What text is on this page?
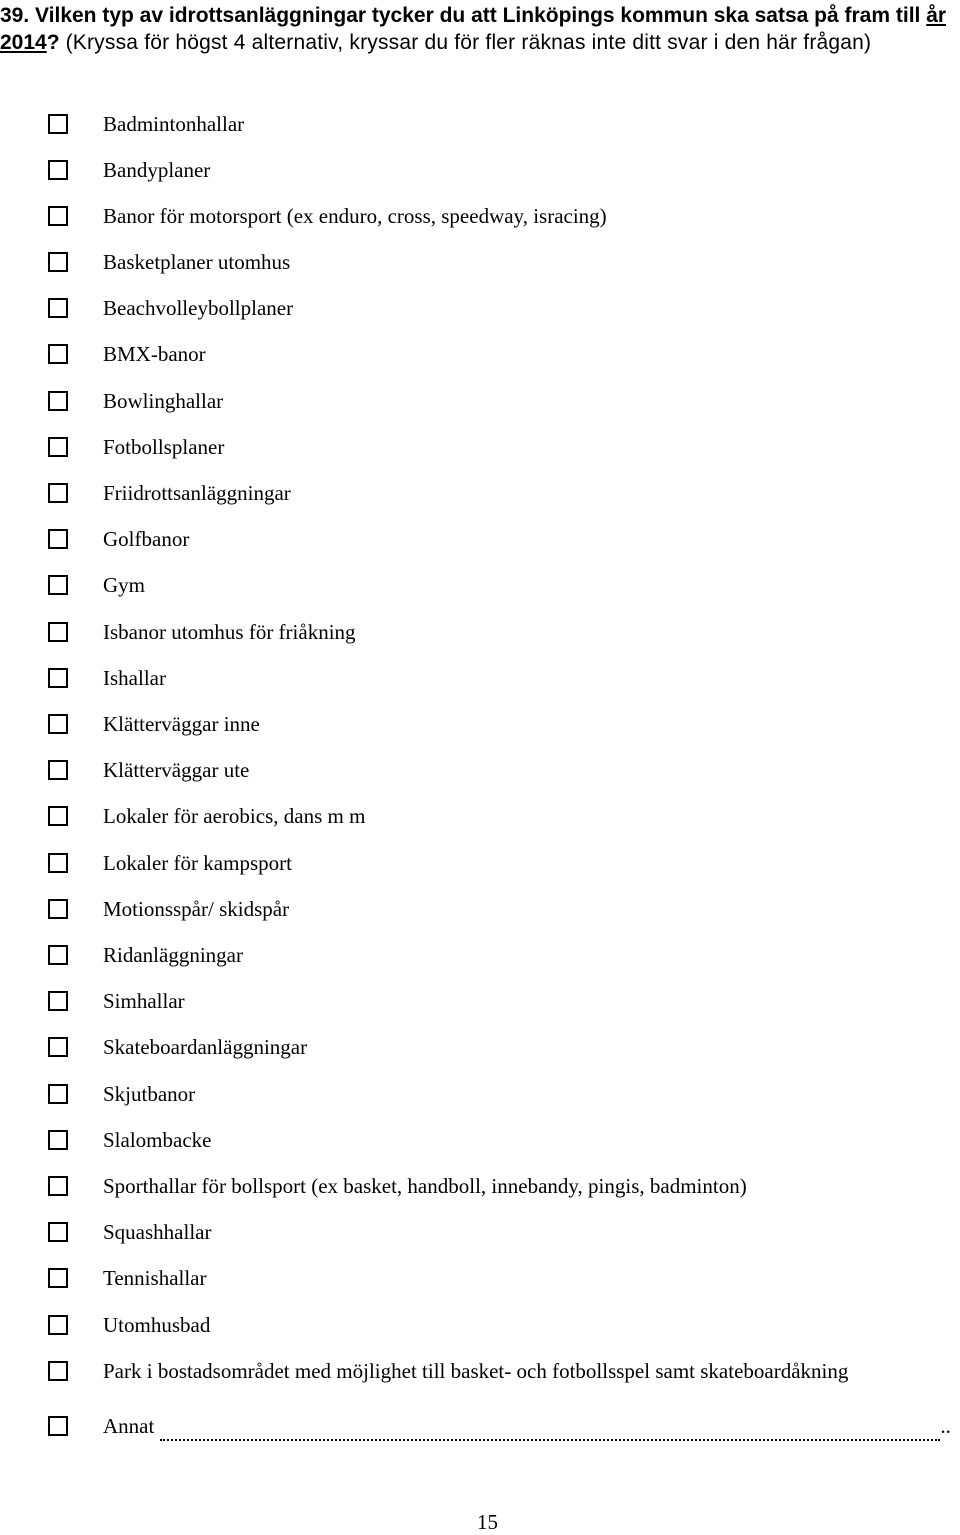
39. Vilken typ av idrottsanläggningar tycker du att Linköpings kommun ska satsa på fram till år 2014? (Kryssa för högst 4 alternativ, kryssar du för fler räknas inte ditt svar i den här frågan)
Badmintonhallar
Bandyplaner
Banor för motorsport (ex enduro, cross, speedway, isracing)
Basketplaner utomhus
Beachvolleybollplaner
BMX-banor
Bowlinghallar
Fotbollsplaner
Friidrottsanläggningar
Golfbanor
Gym
Isbanor utomhus för friåkning
Ishallar
Klätterväggar inne
Klätterväggar ute
Lokaler för aerobics, dans m m
Lokaler för kampsport
Motionsspår/ skidspår
Ridanläggningar
Simhallar
Skateboardanläggningar
Skjutbanor
Slalombacke
Sporthallar för bollsport (ex basket, handboll, innebandy, pingis, badminton)
Squashhallar
Tennishallar
Utomhusbad
Park i bostadsområdet med möjlighet till basket- och fotbollsspel samt skateboardåkning
Annat	..
15
